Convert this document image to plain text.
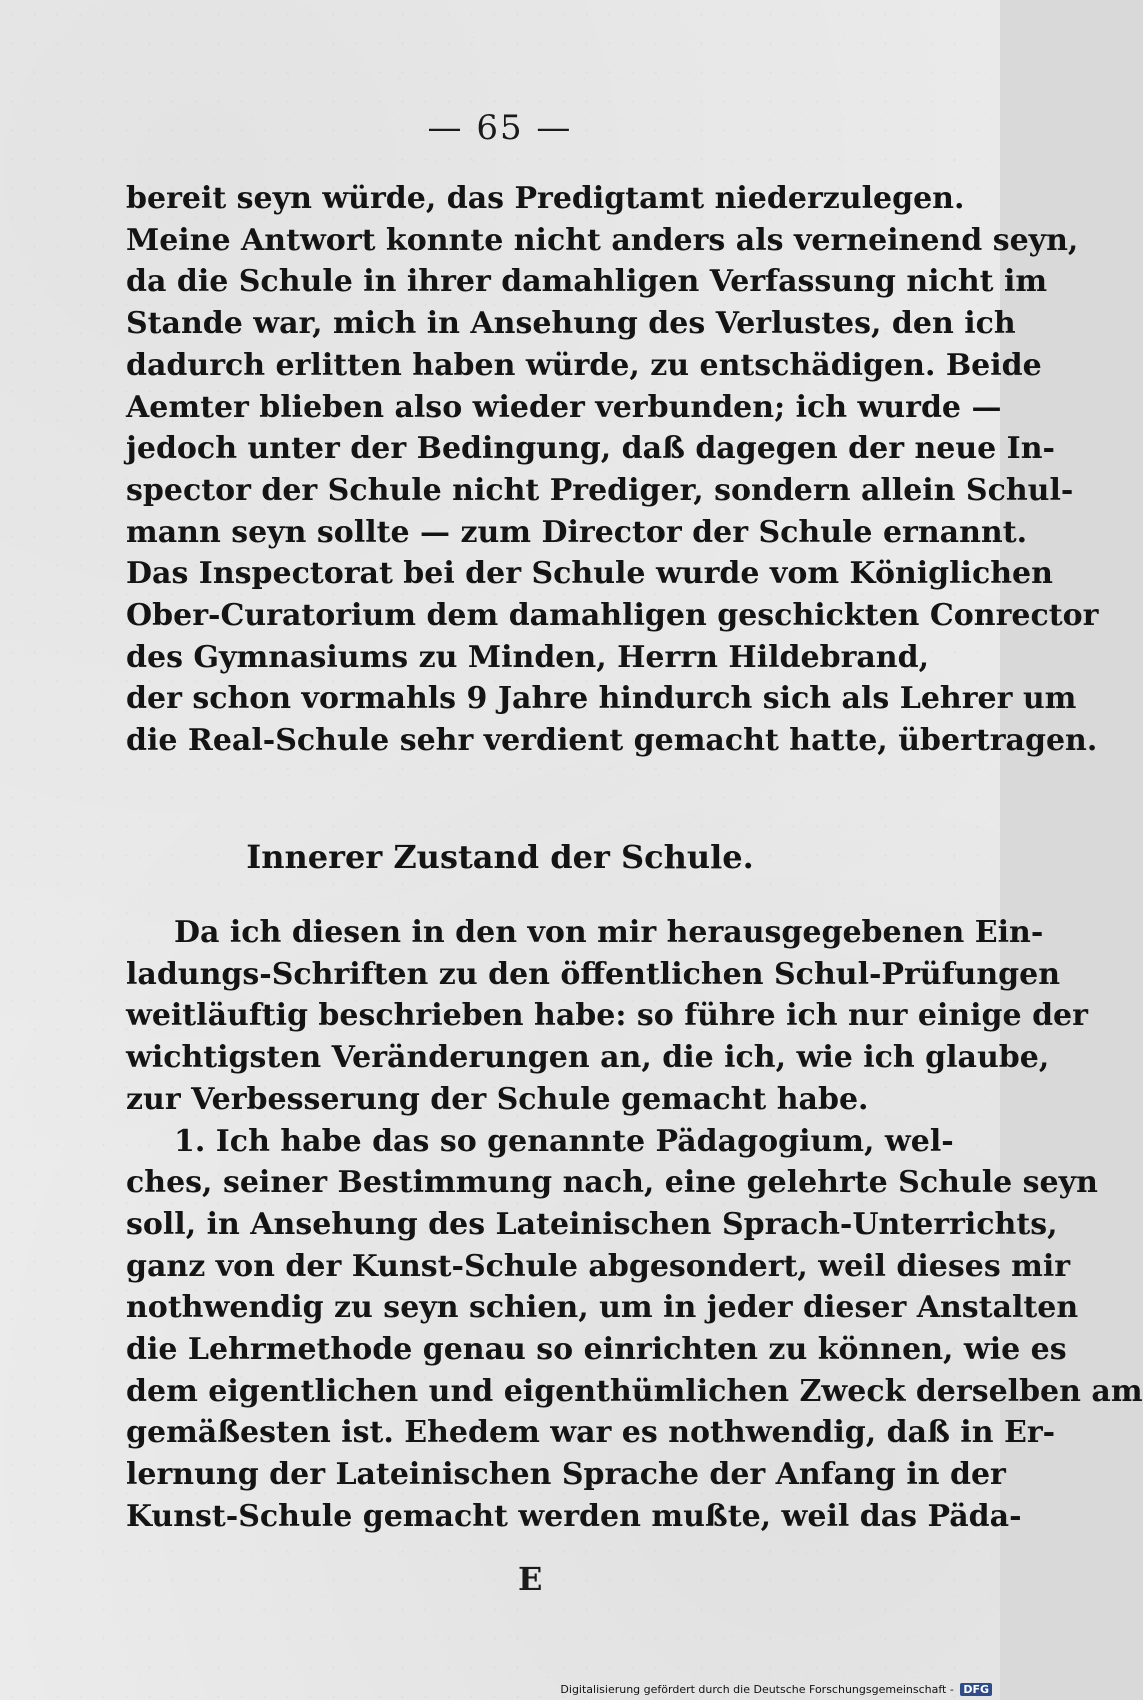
— 65 —

bereit seyn würde, das Predigtamt niederzulegen.
Meine Antwort konnte nicht anders als verneinend seyn,
da die Schule in ihrer damahligen Verfassung nicht im
Stande war, mich in Ansehung des Verlustes, den ich
dadurch erlitten haben würde, zu entschädigen. Beide
Aemter blieben also wieder verbunden; ich wurde —
jedoch unter der Bedingung, daß dagegen der neue In-
spector der Schule nicht Prediger, sondern allein Schul-
mann seyn sollte — zum Director der Schule ernannt.
Das Inspectorat bei der Schule wurde vom Königlichen
Ober-Curatorium dem damahligen geschickten Conrector
des Gymnasiums zu Minden, Herrn Hildebrand,
der schon vormahls 9 Jahre hindurch sich als Lehrer um
die Real-Schule sehr verdient gemacht hatte, übertragen.

Innerer Zustand der Schule.

Da ich diesen in den von mir herausgegebenen Ein-
ladungs-Schriften zu den öffentlichen Schul-Prüfungen
weitläuftig beschrieben habe: so führe ich nur einige der
wichtigsten Veränderungen an, die ich, wie ich glaube,
zur Verbesserung der Schule gemacht habe.

1. Ich habe das so genannte Pädagogium, wel-
ches, seiner Bestimmung nach, eine gelehrte Schule seyn
soll, in Ansehung des Lateinischen Sprach-Unterrichts,
ganz von der Kunst-Schule abgesondert, weil dieses mir
nothwendig zu seyn schien, um in jeder dieser Anstalten
die Lehrmethode genau so einrichten zu können, wie es
dem eigentlichen und eigenthümlichen Zweck derselben am
gemäßesten ist. Ehedem war es nothwendig, daß in Er-
lernung der Lateinischen Sprache der Anfang in der
Kunst-Schule gemacht werden mußte, weil das Päda-

E
Digitalisierung gefördert durch die Deutsche Forschungsgemeinschaft - DFG
